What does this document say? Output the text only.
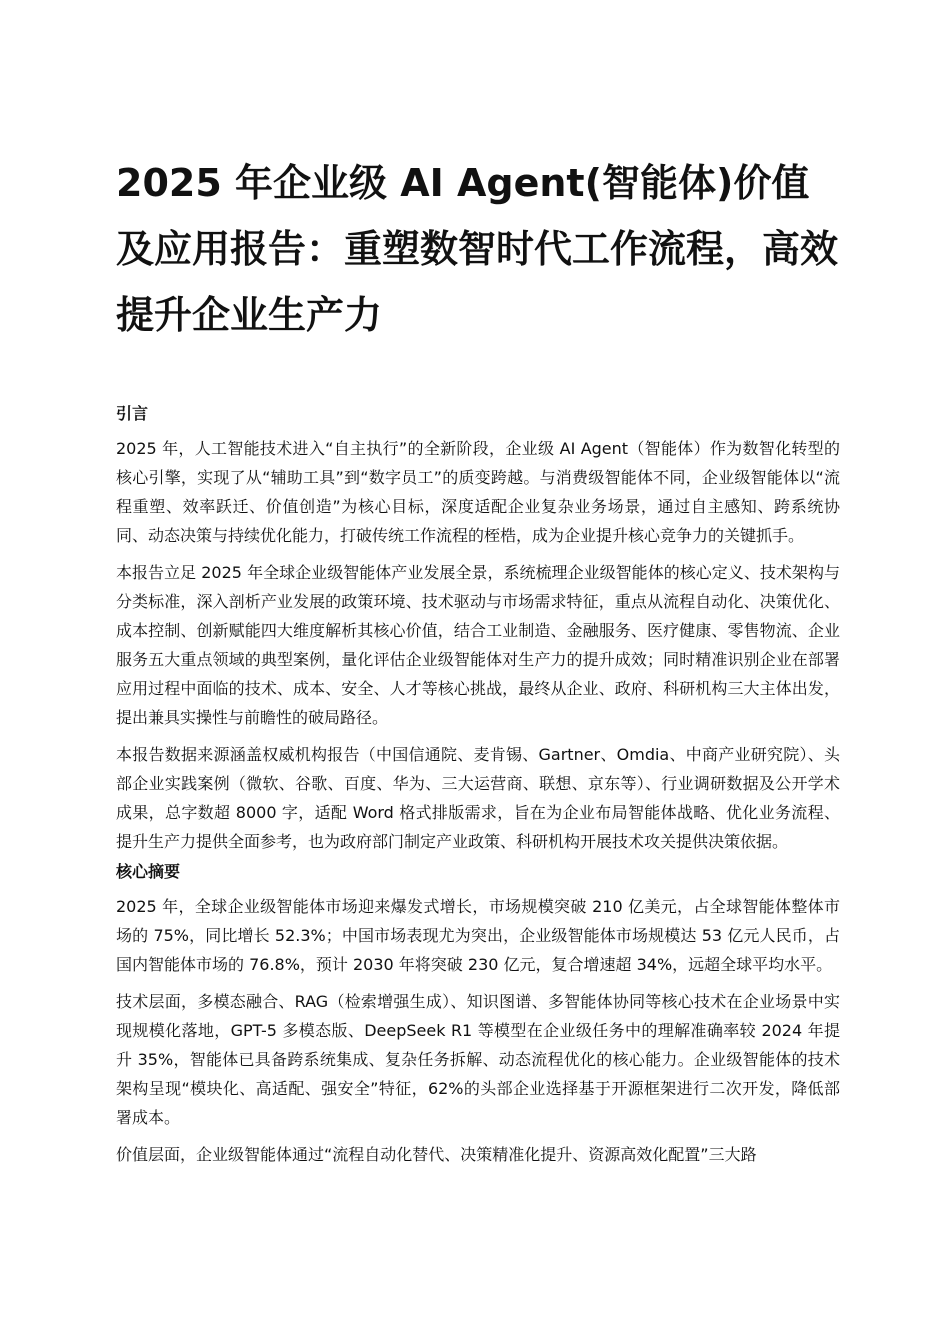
2025 年企业级 AI Agent(智能体)价值及应用报告：重塑数智时代工作流程，高效提升企业生产力
引言

2025 年，人工智能技术进入“自主执行”的全新阶段，企业级 AI Agent（智能体）作为数智化转型的核心引擎，实现了从“辅助工具”到“数字员工”的质变跨越。与消费级智能体不同，企业级智能体以“流程重塑、效率跃迁、价值创造”为核心目标，深度适配企业复杂业务场景，通过自主感知、跨系统协同、动态决策与持续优化能力，打破传统工作流程的桎梏，成为企业提升核心竞争力的关键抓手。

本报告立足 2025 年全球企业级智能体产业发展全景，系统梳理企业级智能体的核心定义、技术架构与分类标准，深入剖析产业发展的政策环境、技术驱动与市场需求特征，重点从流程自动化、决策优化、成本控制、创新赋能四大维度解析其核心价值，结合工业制造、金融服务、医疗健康、零售物流、企业服务五大重点领域的典型案例，量化评估企业级智能体对生产力的提升成效；同时精准识别企业在部署应用过程中面临的技术、成本、安全、人才等核心挑战，最终从企业、政府、科研机构三大主体出发，提出兼具实操性与前瞻性的破局路径。

本报告数据来源涵盖权威机构报告（中国信通院、麦肯锡、Gartner、Omdia、中商产业研究院）、头部企业实践案例（微软、谷歌、百度、华为、三大运营商、联想、京东等）、行业调研数据及公开学术成果，总字数超 8000 字，适配 Word 格式排版需求，旨在为企业布局智能体战略、优化业务流程、提升生产力提供全面参考，也为政府部门制定产业政策、科研机构开展技术攻关提供决策依据。

核心摘要

2025 年，全球企业级智能体市场迎来爆发式增长，市场规模突破 210 亿美元，占全球智能体整体市场的 75%，同比增长 52.3%；中国市场表现尤为突出，企业级智能体市场规模达 53 亿元人民币，占国内智能体市场的 76.8%，预计 2030 年将突破 230 亿元，复合增速超 34%，远超全球平均水平。

技术层面，多模态融合、RAG（检索增强生成）、知识图谱、多智能体协同等核心技术在企业场景中实现规模化落地，GPT-5 多模态版、DeepSeek R1 等模型在企业级任务中的理解准确率较 2024 年提升 35%，智能体已具备跨系统集成、复杂任务拆解、动态流程优化的核心能力。企业级智能体的技术架构呈现“模块化、高适配、强安全”特征，62%的头部企业选择基于开源框架进行二次开发，降低部署成本。

价值层面，企业级智能体通过“流程自动化替代、决策精准化提升、资源高效化配置”三大路
